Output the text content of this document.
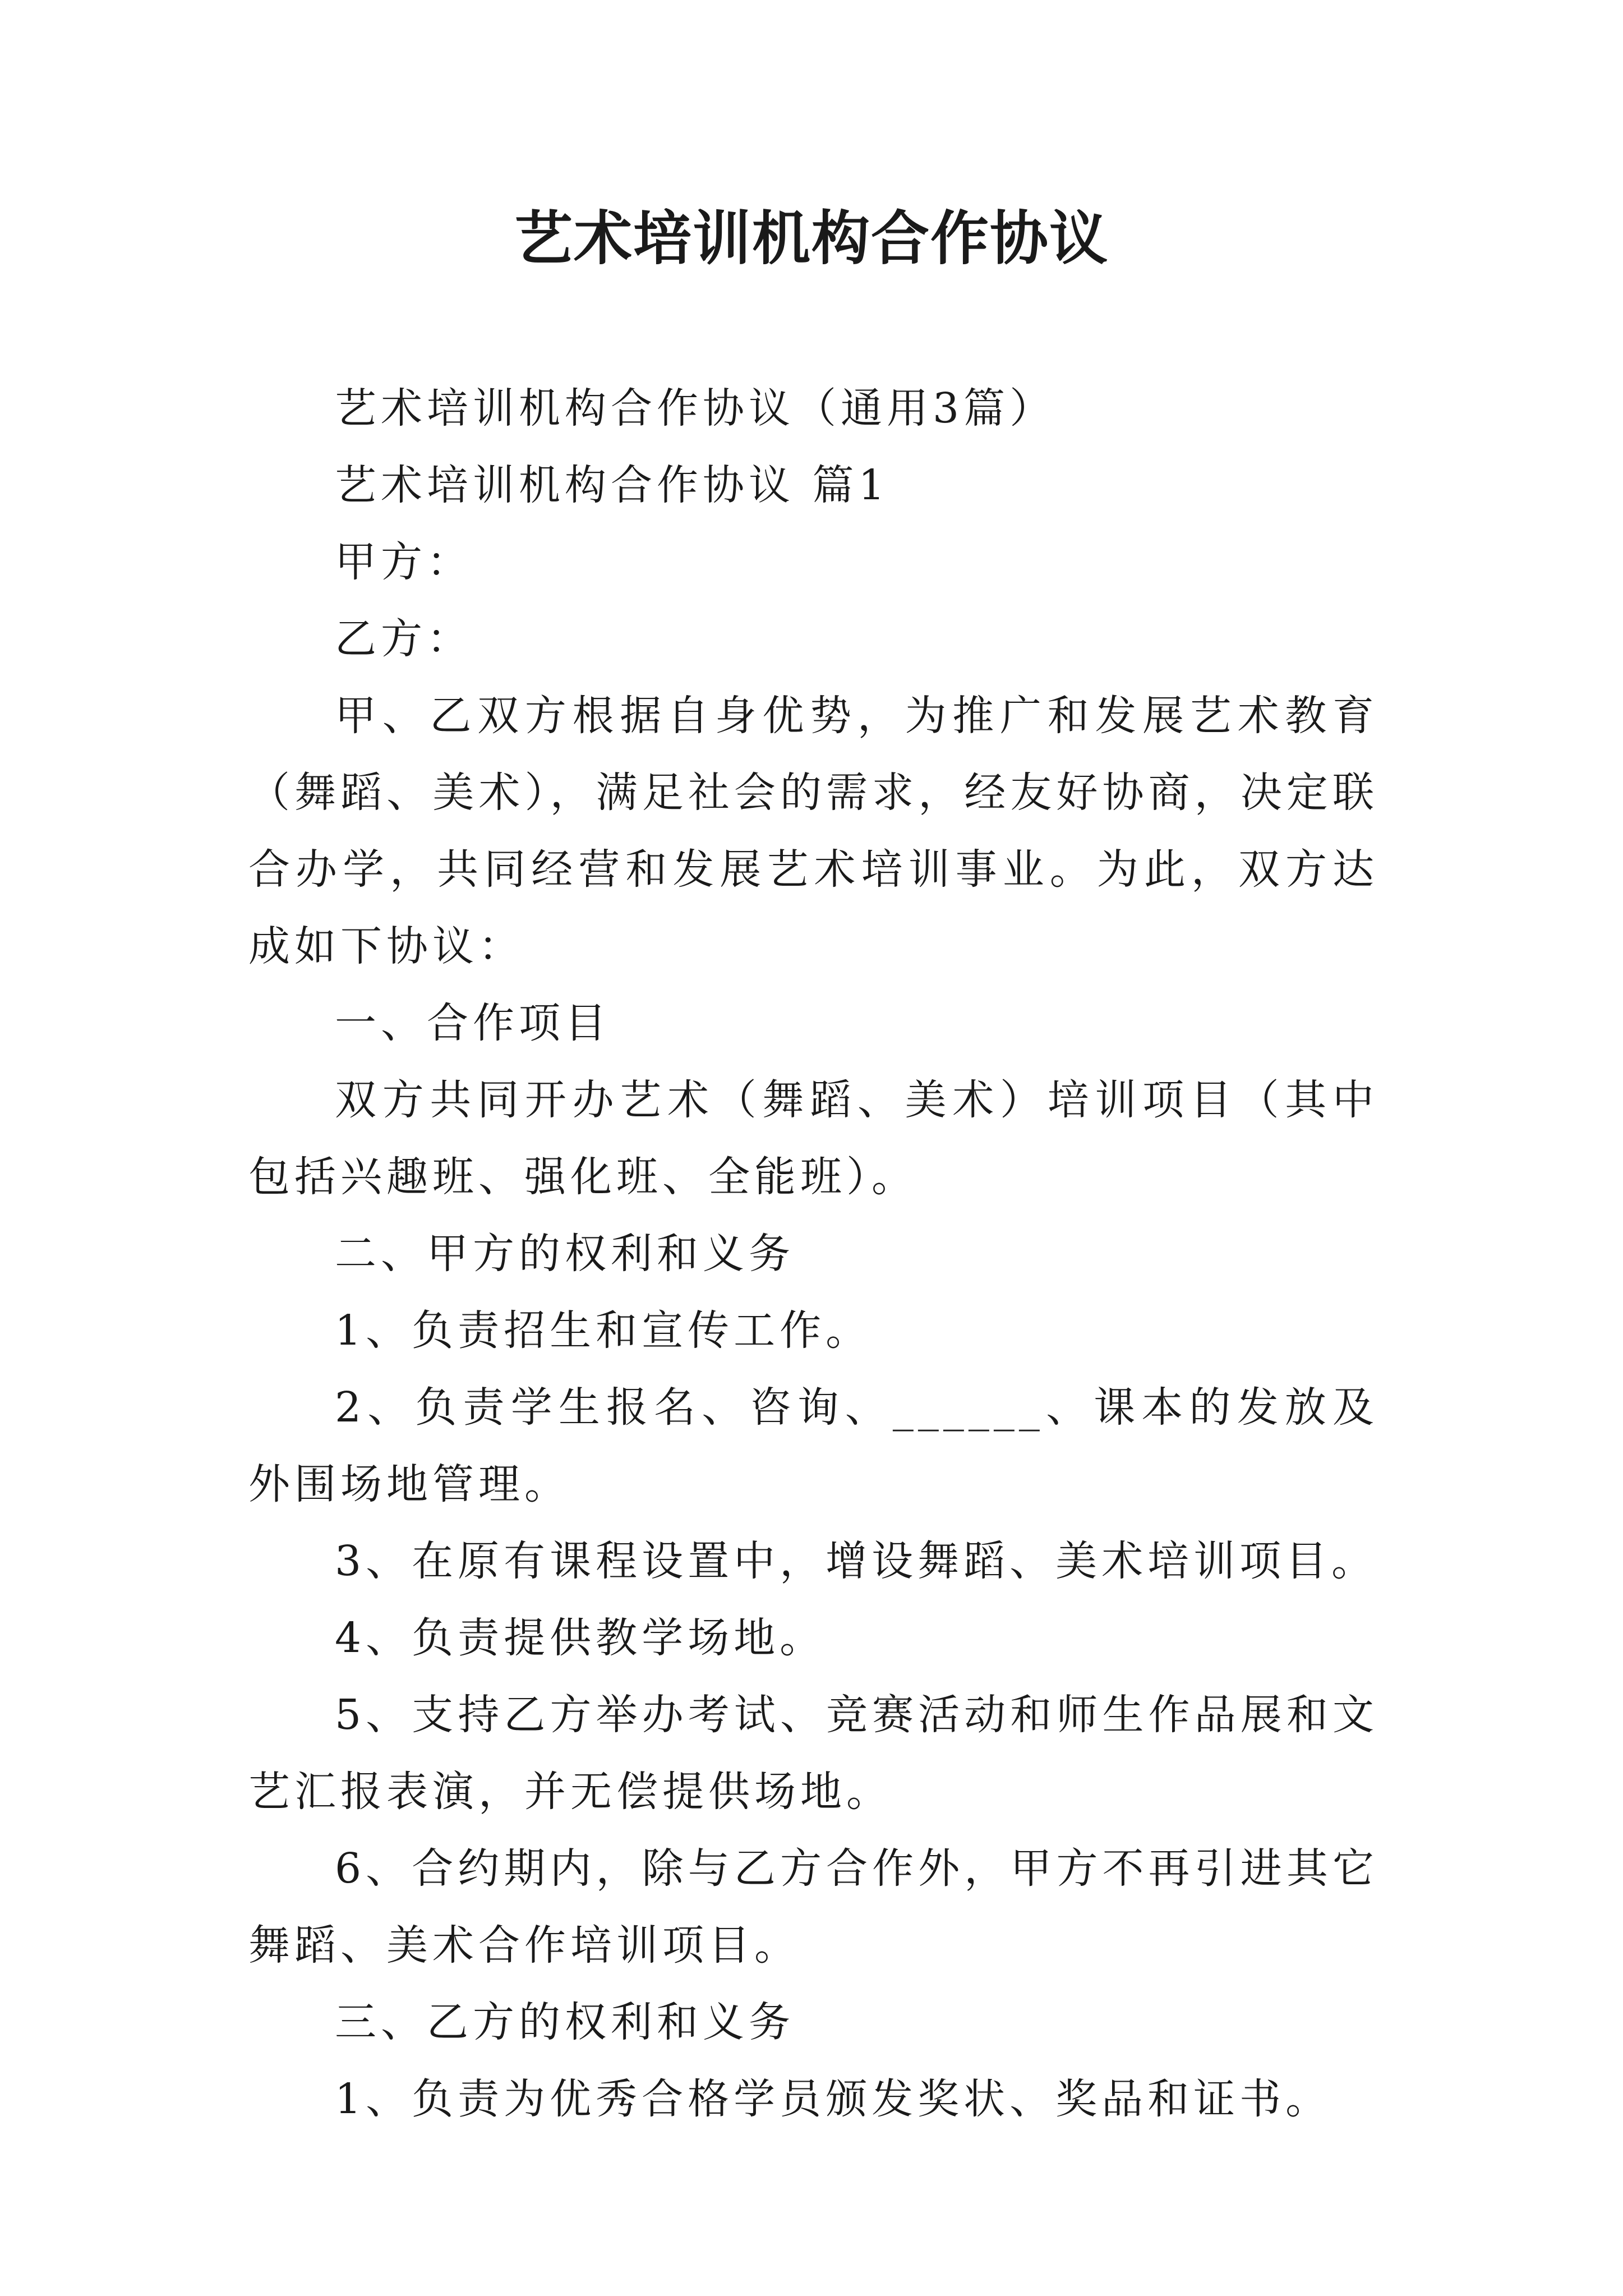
艺术培训机构合作协议

艺术培训机构合作协议（通用3篇）

艺术培训机构合作协议 篇1

甲方：

乙方：

甲、乙双方根据自身优势，为推广和发展艺术教育（舞蹈、美术），满足社会的需求，经友好协商，决定联合办学，共同经营和发展艺术培训事业。为此，双方达成如下协议：

一、合作项目

双方共同开办艺术（舞蹈、美术）培训项目（其中包括兴趣班、强化班、全能班）。

二、甲方的权利和义务

1、负责招生和宣传工作。

2、负责学生报名、咨询、______、课本的发放及外围场地管理。

3、在原有课程设置中，增设舞蹈、美术培训项目。

4、负责提供教学场地。

5、支持乙方举办考试、竞赛活动和师生作品展和文艺汇报表演，并无偿提供场地。

6、合约期内，除与乙方合作外，甲方不再引进其它舞蹈、美术合作培训项目。

三、乙方的权利和义务

1、负责为优秀合格学员颁发奖状、奖品和证书。
